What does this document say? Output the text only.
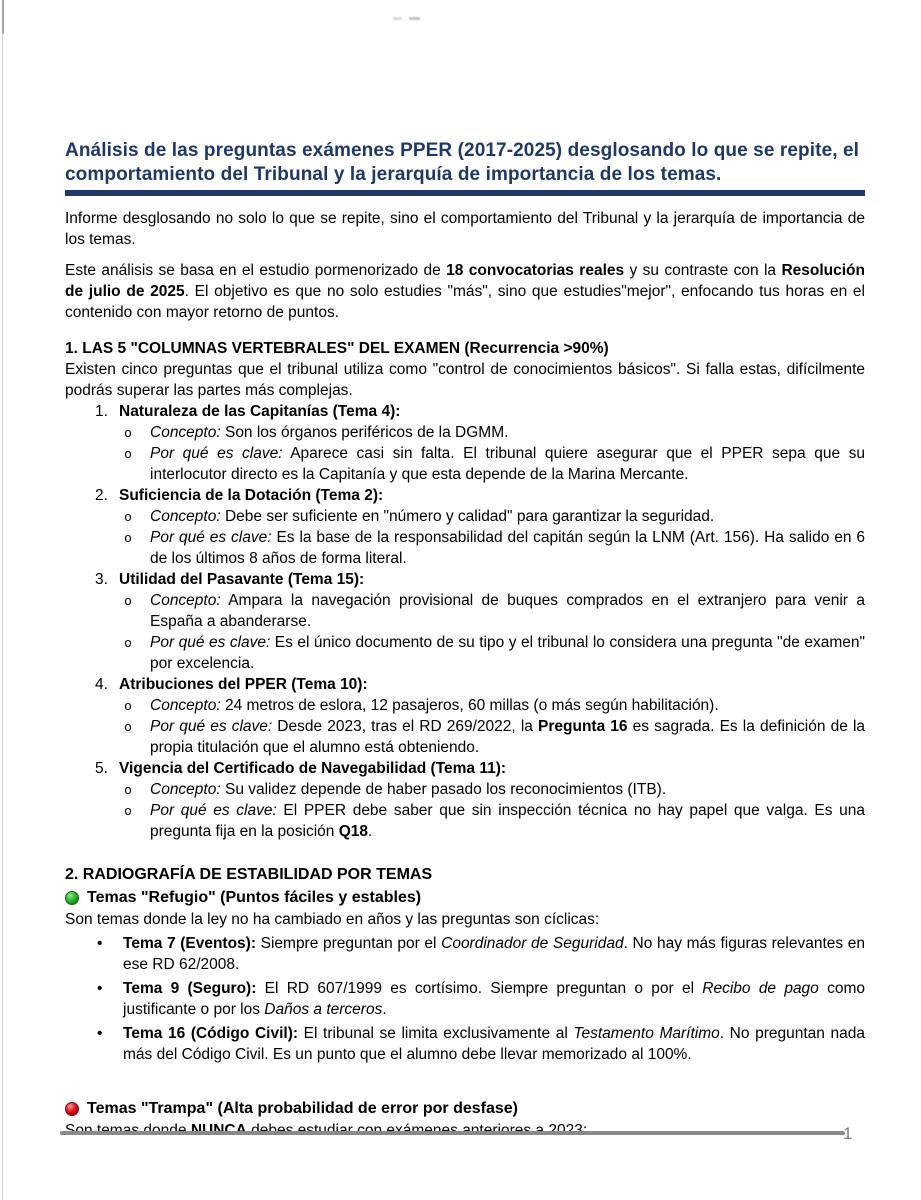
Análisis de las preguntas exámenes PPER (2017-2025) desglosando lo que se repite, el comportamiento del Tribunal y la jerarquía de importancia de los temas.

Informe desglosando no solo lo que se repite, sino el comportamiento del Tribunal y la jerarquía de importancia de los temas.

Este análisis se basa en el estudio pormenorizado de 18 convocatorias reales y su contraste con la Resolución de julio de 2025. El objetivo es que no solo estudies "más", sino que estudies"mejor", enfocando tus horas en el contenido con mayor retorno de puntos.

1. LAS 5 "COLUMNAS VERTEBRALES" DEL EXAMEN (Recurrencia >90%)

Existen cinco preguntas que el tribunal utiliza como "control de conocimientos básicos". Si falla estas, difícilmente podrás superar las partes más complejas.

1. Naturaleza de las Capitanías (Tema 4):
o Concepto: Son los órganos periféricos de la DGMM.
o Por qué es clave: Aparece casi sin falta. El tribunal quiere asegurar que el PPER sepa que su interlocutor directo es la Capitanía y que esta depende de la Marina Mercante.
2. Suficiencia de la Dotación (Tema 2):
o Concepto: Debe ser suficiente en "número y calidad" para garantizar la seguridad.
o Por qué es clave: Es la base de la responsabilidad del capitán según la LNM (Art. 156). Ha salido en 6 de los últimos 8 años de forma literal.
3. Utilidad del Pasavante (Tema 15):
o Concepto: Ampara la navegación provisional de buques comprados en el extranjero para venir a España a abanderarse.
o Por qué es clave: Es el único documento de su tipo y el tribunal lo considera una pregunta "de examen" por excelencia.
4. Atribuciones del PPER (Tema 10):
o Concepto: 24 metros de eslora, 12 pasajeros, 60 millas (o más según habilitación).
o Por qué es clave: Desde 2023, tras el RD 269/2022, la Pregunta 16 es sagrada. Es la definición de la propia titulación que el alumno está obteniendo.
5. Vigencia del Certificado de Navegabilidad (Tema 11):
o Concepto: Su validez depende de haber pasado los reconocimientos (ITB).
o Por qué es clave: El PPER debe saber que sin inspección técnica no hay papel que valga. Es una pregunta fija en la posición Q18.
2. RADIOGRAFÍA DE ESTABILIDAD POR TEMAS
Temas "Refugio" (Puntos fáciles y estables)

Son temas donde la ley no ha cambiado en años y las preguntas son cíclicas:

• Tema 7 (Eventos): Siempre preguntan por el Coordinador de Seguridad. No hay más figuras relevantes en ese RD 62/2008.
• Tema 9 (Seguro): El RD 607/1999 es cortísimo. Siempre preguntan o por el Recibo de pago como justificante o por los Daños a terceros.
• Tema 16 (Código Civil): El tribunal se limita exclusivamente al Testamento Marítimo. No preguntan nada más del Código Civil. Es un punto que el alumno debe llevar memorizado al 100%.
Temas "Trampa" (Alta probabilidad de error por desfase)

1
